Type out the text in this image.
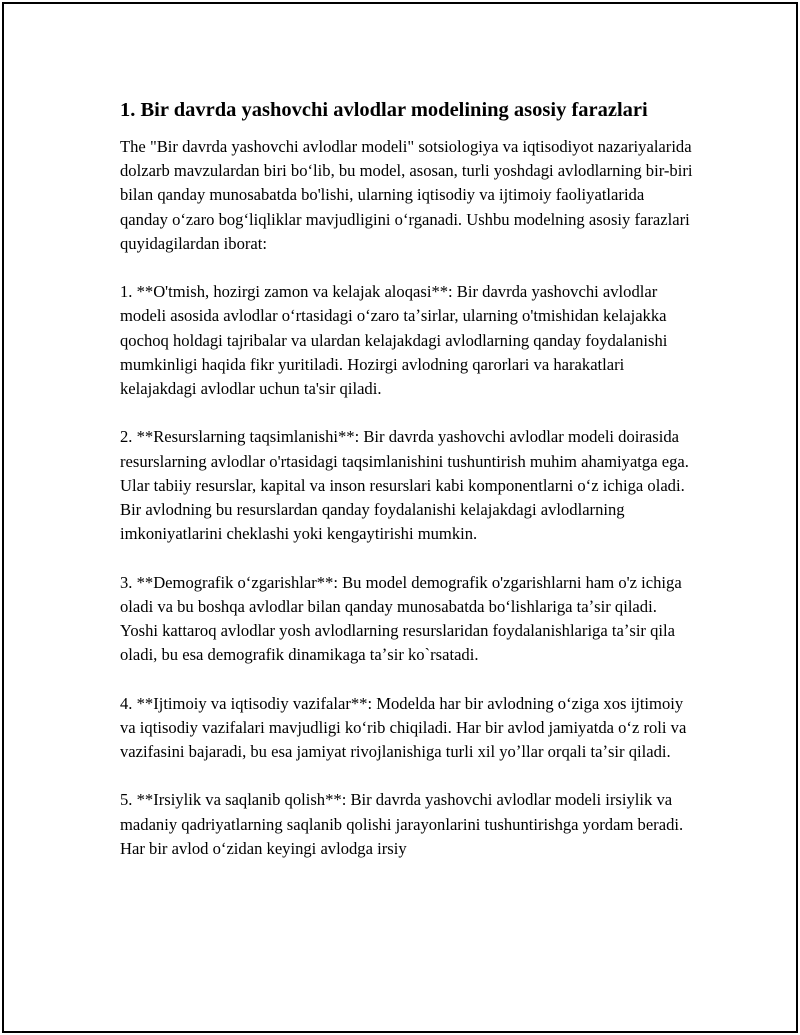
1. Bir davrda yashovchi avlodlar modelining asosiy farazlari

The "Bir davrda yashovchi avlodlar modeli" sotsiologiya va iqtisodiyot nazariyalarida dolzarb mavzulardan biri boʻlib, bu model, asosan, turli yoshdagi avlodlarning bir-biri bilan qanday munosabatda bo'lishi, ularning iqtisodiy va ijtimoiy faoliyatlarida qanday oʻzaro bogʻliqliklar mavjudligini oʻrganadi. Ushbu modelning asosiy farazlari quyidagilardan iborat:

1. **O'tmish, hozirgi zamon va kelajak aloqasi**: Bir davrda yashovchi avlodlar modeli asosida avlodlar oʻrtasidagi oʻzaro taʼsirlar, ularning o'tmishidan kelajakka qochoq holdagi tajribalar va ulardan kelajakdagi avlodlarning qanday foydalanishi mumkinligi haqida fikr yuritiladi. Hozirgi avlodning qarorlari va harakatlari kelajakdagi avlodlar uchun ta'sir qiladi.

2. **Resurslarning taqsimlanishi**: Bir davrda yashovchi avlodlar modeli doirasida resurslarning avlodlar o'rtasidagi taqsimlanishini tushuntirish muhim ahamiyatga ega. Ular tabiiy resurslar, kapital va inson resurslari kabi komponentlarni oʻz ichiga oladi. Bir avlodning bu resurslardan qanday foydalanishi kelajakdagi avlodlarning imkoniyatlarini cheklashi yoki kengaytirishi mumkin.

3. **Demografik oʻzgarishlar**: Bu model demografik o'zgarishlarni ham o'z ichiga oladi va bu boshqa avlodlar bilan qanday munosabatda boʻlishlariga taʼsir qiladi. Yoshi kattaroq avlodlar yosh avlodlarning resurslaridan foydalanishlariga taʼsir qila oladi, bu esa demografik dinamikaga taʼsir ko`rsatadi.

4. **Ijtimoiy va iqtisodiy vazifalar**: Modelda har bir avlodning oʻziga xos ijtimoiy va iqtisodiy vazifalari mavjudligi koʻrib chiqiladi. Har bir avlod jamiyatda oʻz roli va vazifasini bajaradi, bu esa jamiyat rivojlanishiga turli xil yoʼllar orqali taʼsir qiladi.

5. **Irsiylik va saqlanib qolish**: Bir davrda yashovchi avlodlar modeli irsiylik va madaniy qadriyatlarning saqlanib qolishi jarayonlarini tushuntirishga yordam beradi. Har bir avlod oʻzidan keyingi avlodga irsiy
